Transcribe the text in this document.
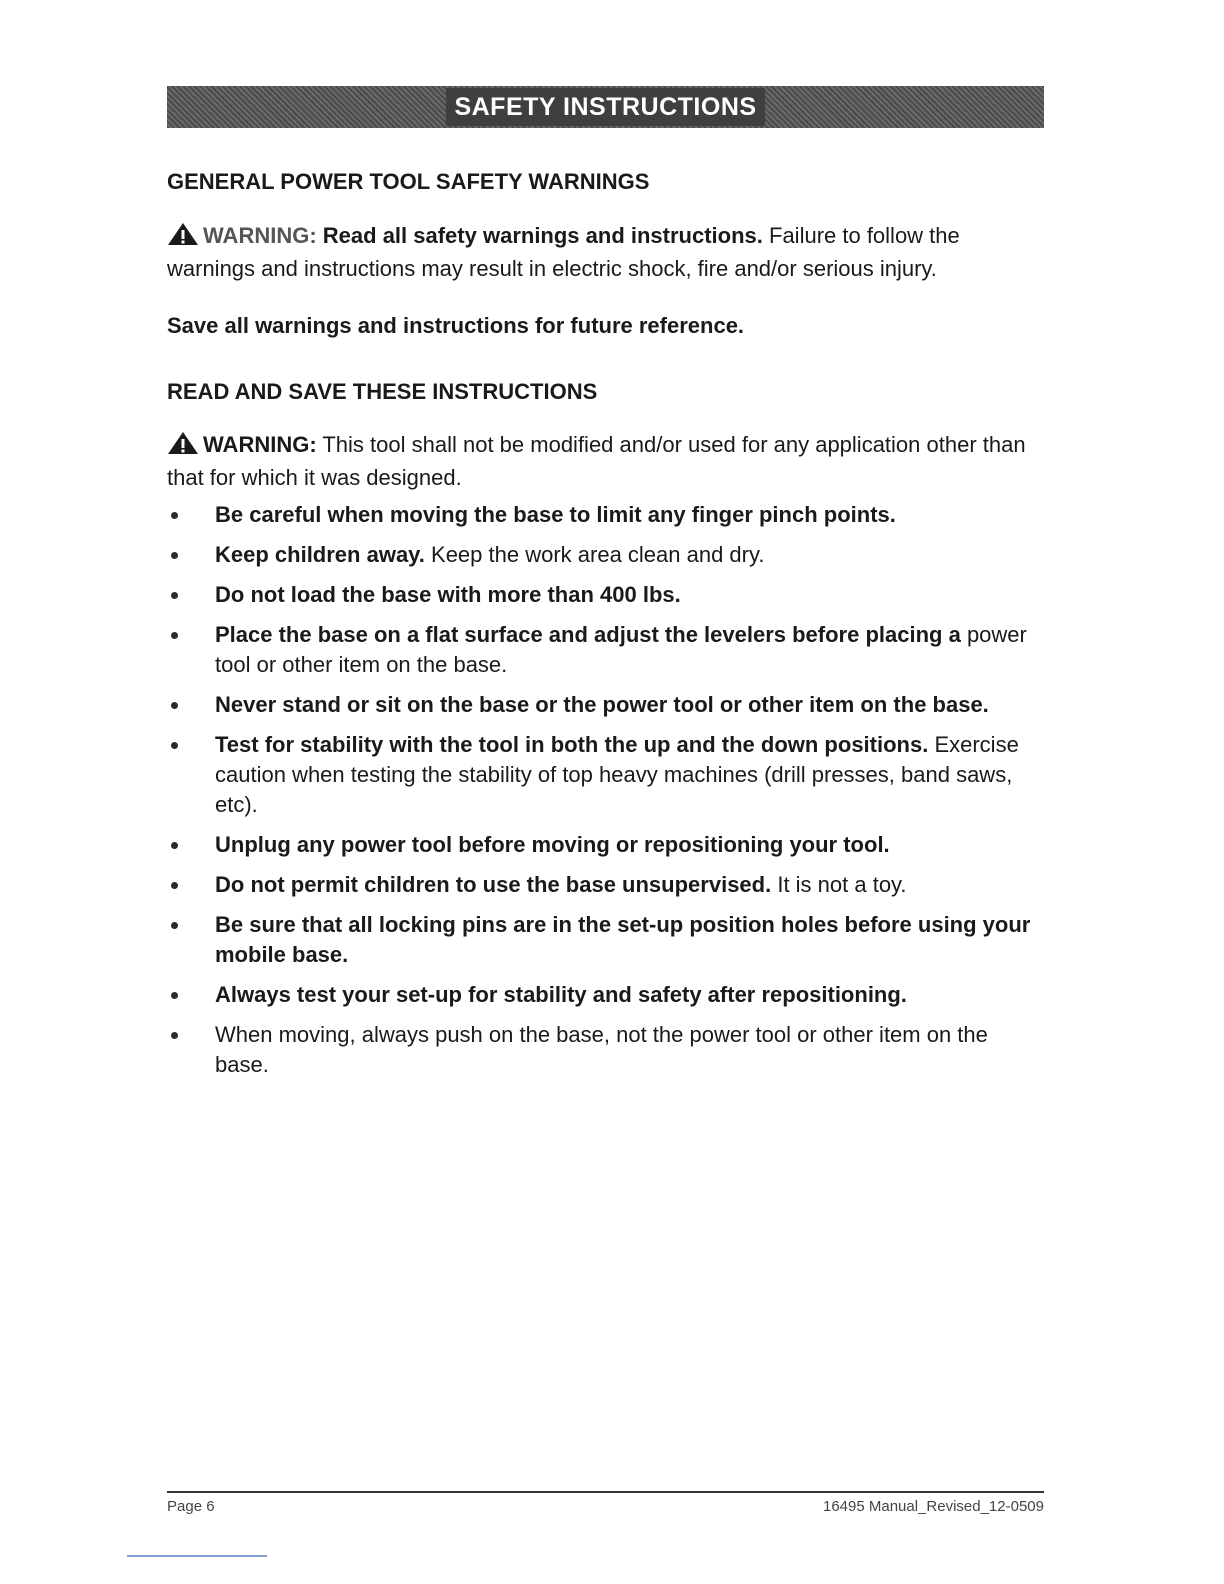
SAFETY INSTRUCTIONS
GENERAL POWER TOOL SAFETY WARNINGS
WARNING: Read all safety warnings and instructions. Failure to follow the warnings and instructions may result in electric shock, fire and/or serious injury.
Save all warnings and instructions for future reference.
READ AND SAVE THESE INSTRUCTIONS
WARNING: This tool shall not be modified and/or used for any application other than that for which it was designed.
Be careful when moving the base to limit any finger pinch points.
Keep children away. Keep the work area clean and dry.
Do not load the base with more than 400 lbs.
Place the base on a flat surface and adjust the levelers before placing a power tool or other item on the base.
Never stand or sit on the base or the power tool or other item on the base.
Test for stability with the tool in both the up and the down positions. Exercise caution when testing the stability of top heavy machines (drill presses, band saws, etc).
Unplug any power tool before moving or repositioning your tool.
Do not permit children to use the base unsupervised. It is not a toy.
Be sure that all locking pins are in the set-up position holes before using your mobile base.
Always test your set-up for stability and safety after repositioning.
When moving, always push on the base, not the power tool or other item on the base.
Page 6	16495 Manual_Revised_12-0509
